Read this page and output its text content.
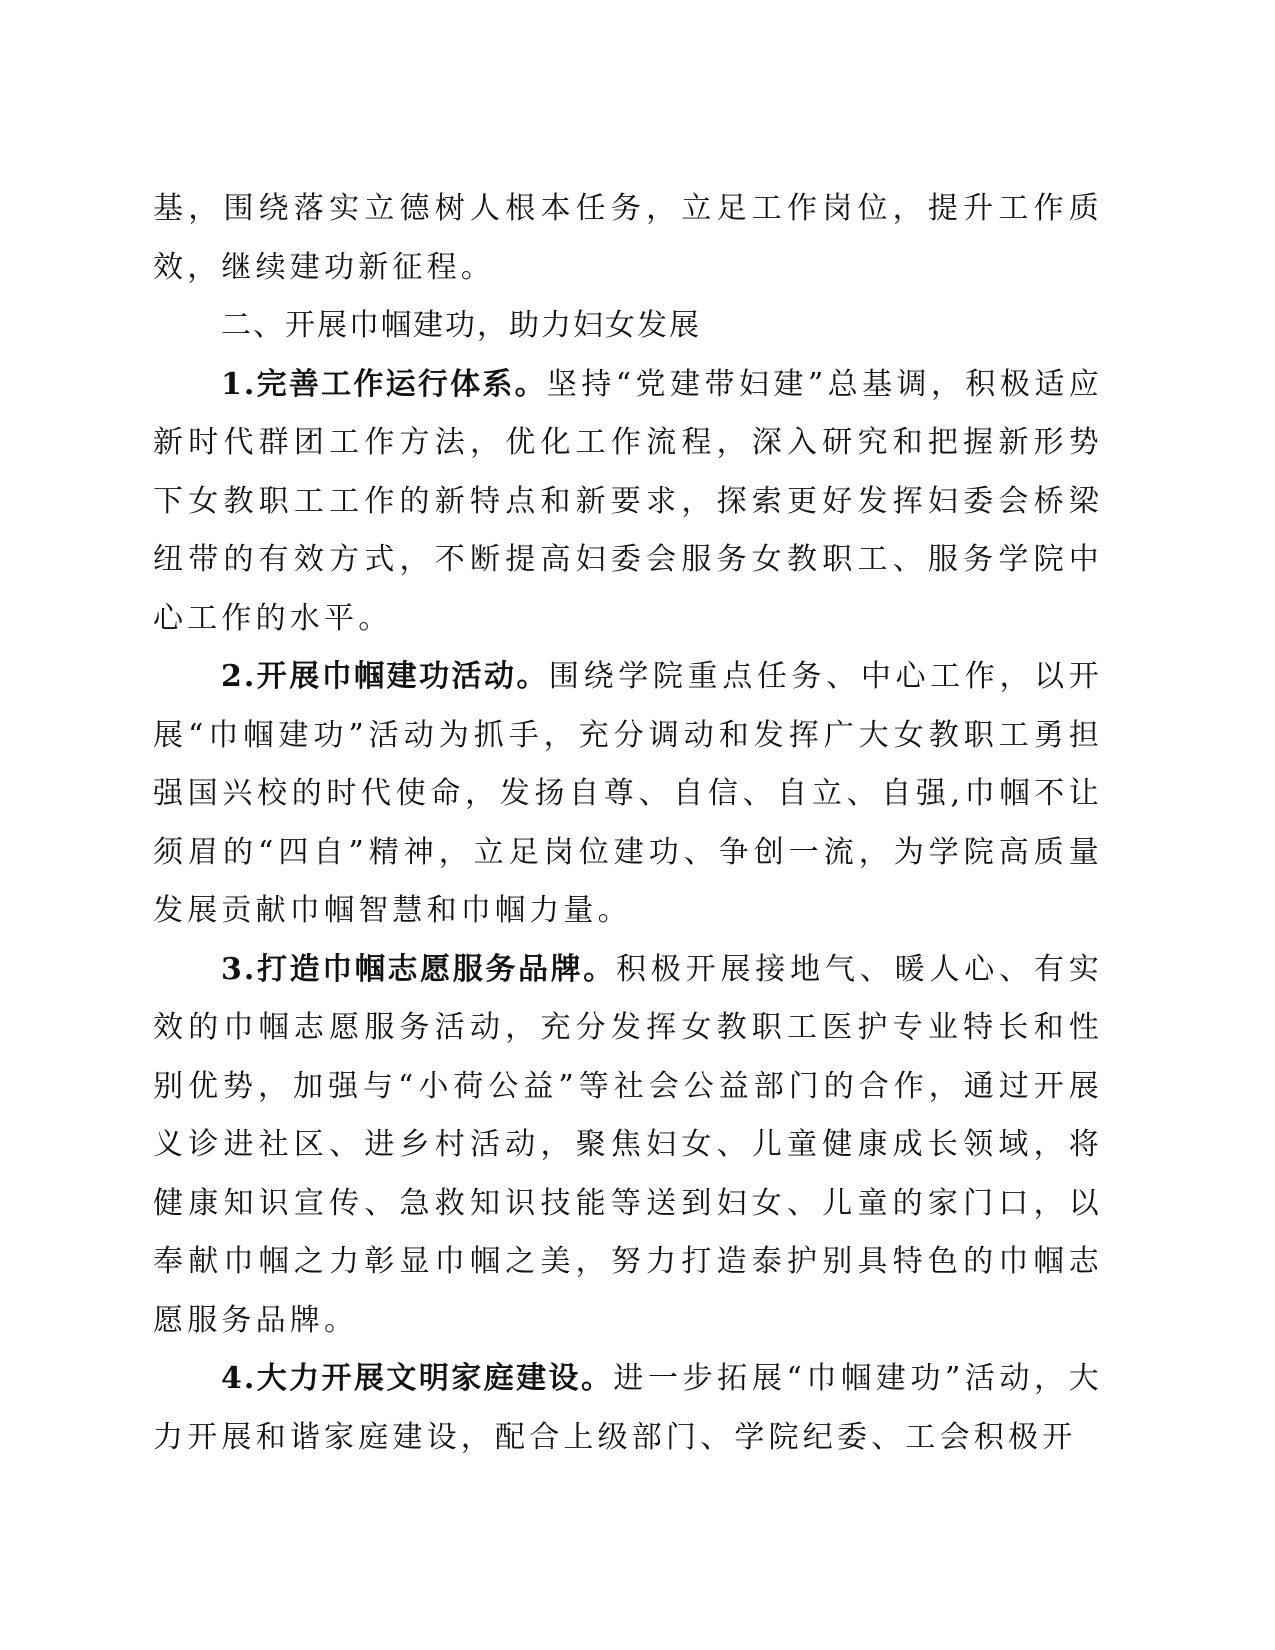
基，围绕落实立德树人根本任务，立足工作岗位，提升工作质效，继续建功新征程。

二、开展巾帼建功，助力妇女发展

1.完善工作运行体系。坚持“党建带妇建”总基调，积极适应新时代群团工作方法，优化工作流程，深入研究和把握新形势下女教职工工作的新特点和新要求，探索更好发挥妇委会桥梁纽带的有效方式，不断提高妇委会服务女教职工、服务学院中心工作的水平。

2.开展巾帼建功活动。围绕学院重点任务、中心工作，以开展“巾帼建功”活动为抓手，充分调动和发挥广大女教职工勇担强国兴校的时代使命，发扬自尊、自信、自立、自强,巾帼不让须眉的“四自”精神，立足岗位建功、争创一流，为学院高质量发展贡献巾帼智慧和巾帼力量。

3.打造巾帼志愿服务品牌。积极开展接地气、暖人心、有实效的巾帼志愿服务活动，充分发挥女教职工医护专业特长和性别优势，加强与“小荷公益”等社会公益部门的合作，通过开展义诊进社区、进乡村活动，聚焦妇女、儿童健康成长领域，将健康知识宣传、急救知识技能等送到妇女、儿童的家门口，以奉献巾帼之力彰显巾帼之美，努力打造泰护别具特色的巾帼志愿服务品牌。

4.大力开展文明家庭建设。进一步拓展“巾帼建功”活动，大力开展和谐家庭建设，配合上级部门、学院纪委、工会积极开
